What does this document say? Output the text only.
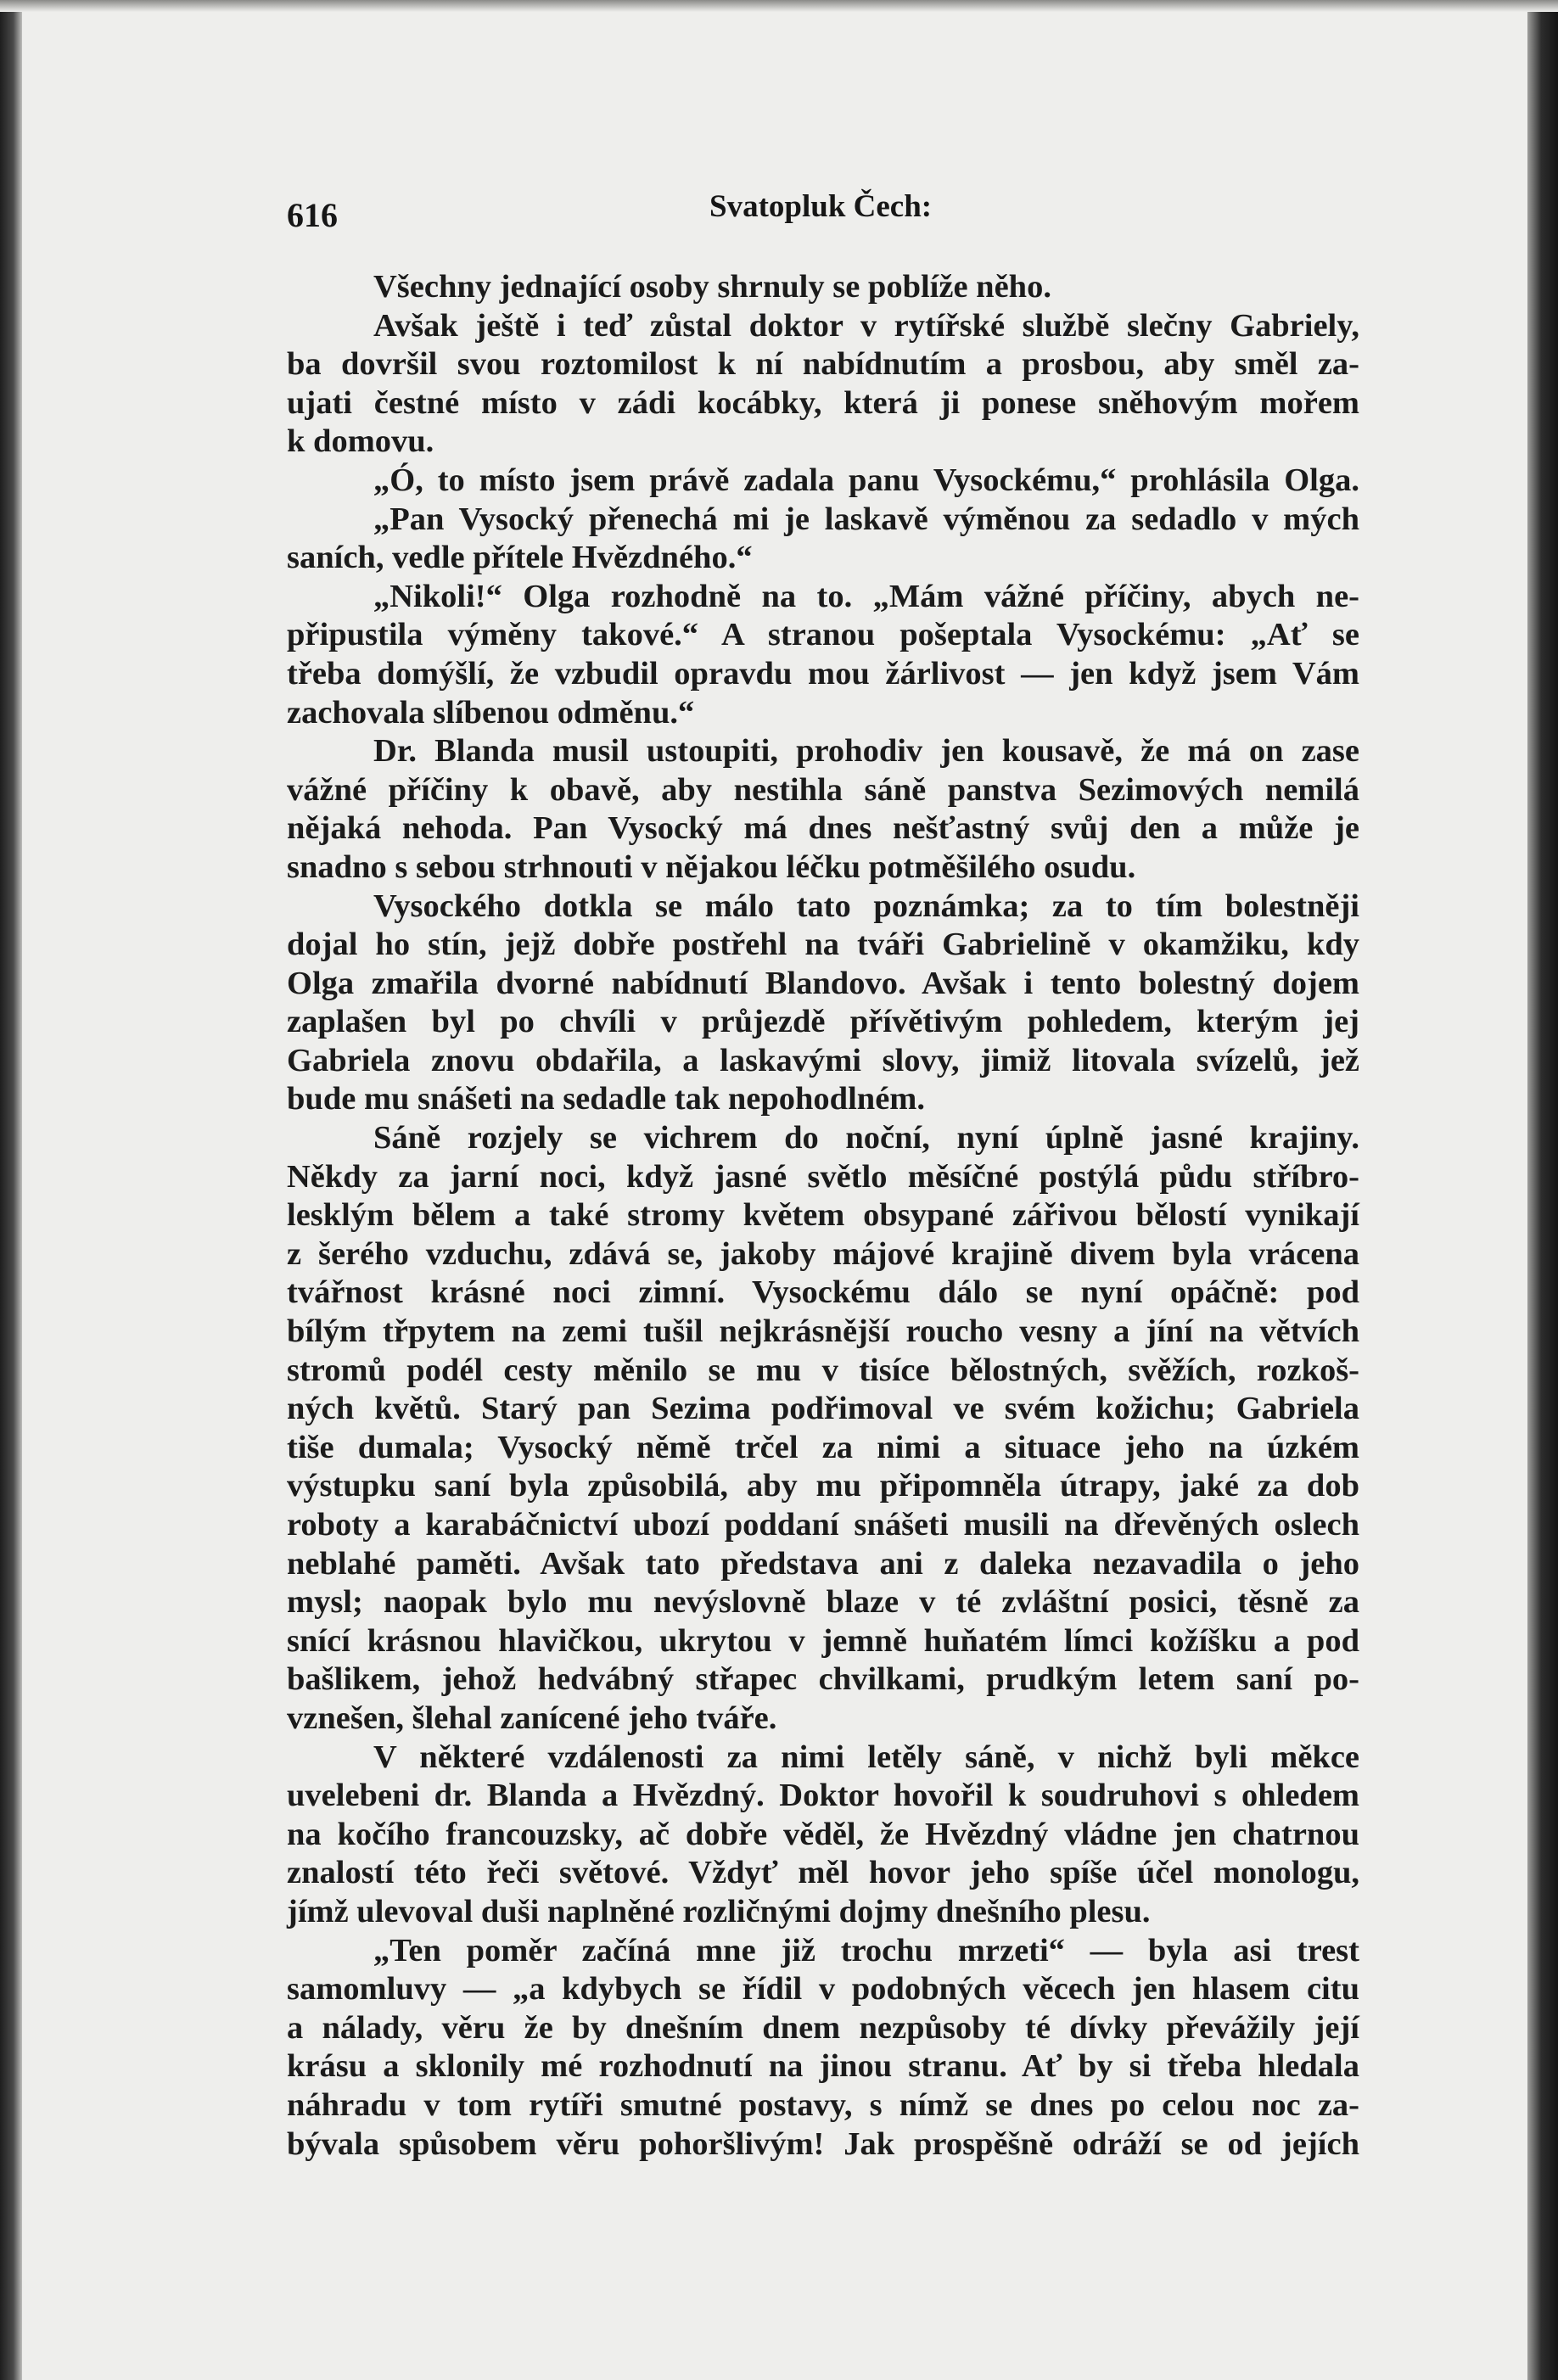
616	Svatopluk Čech:
Všechny jednající osoby shrnuly se poblíže něho.
Avšak ještě i teď zůstal doktor v rytířské službě slečny Gabriely,
ba dovršil svou roztomilost k ní nabídnutím a prosbou, aby směl za-
ujati čestné místo v zádi kocábky, která ji ponese sněhovým mořem
k domovu.
„Ó, to místo jsem právě zadala panu Vysockému,“ prohlásila Olga.
„Pan Vysocký přenechá mi je laskavě výměnou za sedadlo v mých
saních, vedle přítele Hvězdného.“
„Nikoli!“ Olga rozhodně na to. „Mám vážné příčiny, abych ne-
připustila výměny takové.“ A stranou pošeptala Vysockému: „Ať se
třeba domýšlí, že vzbudil opravdu mou žárlivost — jen když jsem Vám
zachovala slíbenou odměnu.“
Dr. Blanda musil ustoupiti, prohodiv jen kousavě, že má on zase
vážné příčiny k obavě, aby nestihla sáně panstva Sezimových nemilá
nějaká nehoda. Pan Vysocký má dnes nešťastný svůj den a může je
snadno s sebou strhnouti v nějakou léčku potměšilého osudu.
Vysockého dotkla se málo tato poznámka; za to tím bolestněji
dojal ho stín, jejž dobře postřehl na tváři Gabrielině v okamžiku, kdy
Olga zmařila dvorné nabídnutí Blandovo. Avšak i tento bolestný dojem
zaplašen byl po chvíli v průjezdě přívětivým pohledem, kterým jej
Gabriela znovu obdařila, a laskavými slovy, jimiž litovala svízelů, jež
bude mu snášeti na sedadle tak nepohodlném.
Sáně rozjely se vichrem do noční, nyní úplně jasné krajiny.
Někdy za jarní noci, když jasné světlo měsíčné postýlá půdu stříbro-
lesklým bělem a také stromy květem obsypané zářivou bělostí vynikají
z šerého vzduchu, zdává se, jakoby májové krajině divem byla vrácena
tvářnost krásné noci zimní. Vysockému dálo se nyní opáčně: pod
bílým třpytem na zemi tušil nejkrásnější roucho vesny a jíní na větvích
stromů podél cesty měnilo se mu v tisíce bělostných, svěžích, rozkoš-
ných květů. Starý pan Sezima podřimoval ve svém kožichu; Gabriela
tiše dumala; Vysocký němě trčel za nimi a situace jeho na úzkém
výstupku saní byla způsobilá, aby mu připomněla útrapy, jaké za dob
roboty a karabáčnictví ubozí poddaní snášeti musili na dřevěných oslech
neblahé paměti. Avšak tato představa ani z daleka nezavadila o jeho
mysl; naopak bylo mu nevýslovně blaze v té zvláštní posici, těsně za
snící krásnou hlavičkou, ukrytou v jemně huňatém límci kožíšku a pod
bašlikem, jehož hedvábný střapec chvilkami, prudkým letem saní po-
vznešen, šlehal zanícené jeho tváře.
V některé vzdálenosti za nimi letěly sáně, v nichž byli měkce
uvelebeni dr. Blanda a Hvězdný. Doktor hovořil k soudruhovi s ohledem
na kočího francouzsky, ač dobře věděl, že Hvězdný vládne jen chatrnou
znalostí této řeči světové. Vždyť měl hovor jeho spíše účel monologu,
jímž ulevoval duši naplněné rozličnými dojmy dnešního plesu.
„Ten poměr začíná mne již trochu mrzeti“ — byla asi trest
samomluvy — „a kdybych se řídil v podobných věcech jen hlasem citu
a nálady, věru že by dnešním dnem nezpůsoby té dívky převážily její
krásu a sklonily mé rozhodnutí na jinou stranu. Ať by si třeba hledala
náhradu v tom rytíři smutné postavy, s nímž se dnes po celou noc za-
bývala spůsobem věru pohoršlivým! Jak prospěšně odráží se od jejích
